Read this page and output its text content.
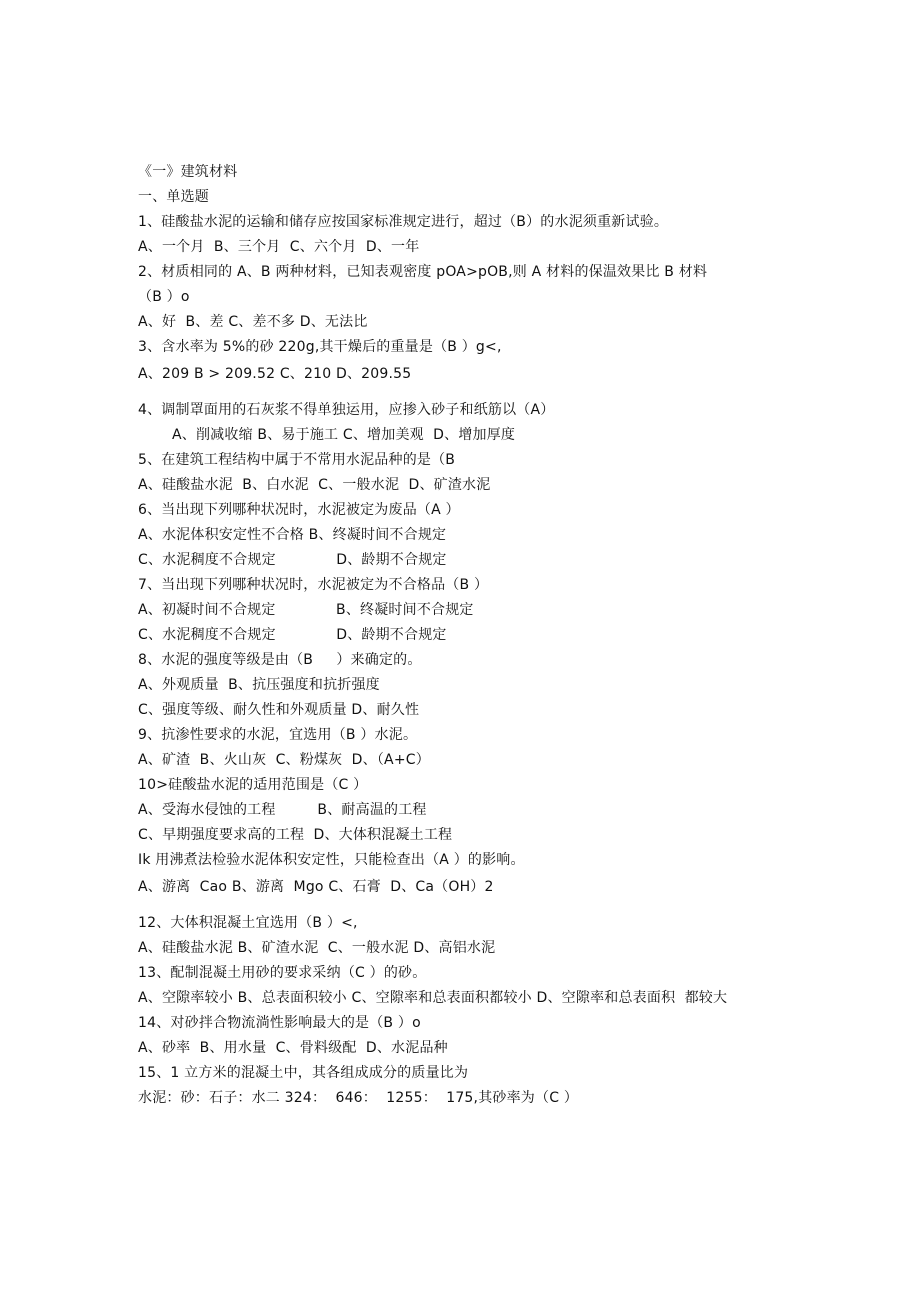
《一》建筑材料
一、单选题
1、硅酸盐水泥的运输和储存应按国家标准规定进行，超过（B）的水泥须重新试验。
A、一个月  B、三个月  C、六个月  D、一年
2、材质相同的 A、B 两种材料，已知表观密度 pOA>pOB,则 A 材料的保温效果比 B 材料
（B ）o
A、好  B、差 C、差不多 D、无法比
3、含水率为 5%的砂 220g,其干燥后的重量是（B ）g<,
A、209 B > 209.52 C、210 D、209.55
4、调制罩面用的石灰浆不得单独运用，应掺入砂子和纸筋以（A）
A、削减收缩 B、易于施工 C、增加美观  D、增加厚度
5、在建筑工程结构中属于不常用水泥品种的是（B
A、硅酸盐水泥  B、白水泥  C、一般水泥  D、矿渣水泥
6、当出现下列哪种状况时，水泥被定为废品（A ）
A、水泥体积安定性不合格 B、终凝时间不合规定
C、水泥稠度不合规定             D、龄期不合规定
7、当出现下列哪种状况时，水泥被定为不合格品（B ）
A、初凝时间不合规定             B、终凝时间不合规定
C、水泥稠度不合规定             D、龄期不合规定
8、水泥的强度等级是由（B     ）来确定的。
A、外观质量  B、抗压强度和抗折强度
C、强度等级、耐久性和外观质量 D、耐久性
9、抗渗性要求的水泥，宜选用（B ）水泥。
A、矿渣  B、火山灰  C、粉煤灰  D、（A+C）
10>硅酸盐水泥的适用范围是（C ）
A、受海水侵蚀的工程         B、耐高温的工程
C、早期强度要求高的工程  D、大体积混凝土工程
Ik 用沸煮法检验水泥体积安定性，只能检查出（A ）的影响。
A、游离  Cao B、游离  Mgo C、石膏  D、Ca（OH）2
12、大体积混凝土宜选用（B ）<,
A、硅酸盐水泥 B、矿渣水泥  C、一般水泥 D、高铝水泥
13、配制混凝土用砂的要求采纳（C ）的砂。
A、空隙率较小 B、总表面积较小 C、空隙率和总表面积都较小 D、空隙率和总表面积  都较大
14、对砂拌合物流淌性影响最大的是（B ）o
A、砂率  B、用水量  C、骨料级配  D、水泥品种
15、1 立方米的混凝土中，其各组成成分的质量比为
水泥：砂：石子：水二 324：  646：  1255：  175,其砂率为（C ）
